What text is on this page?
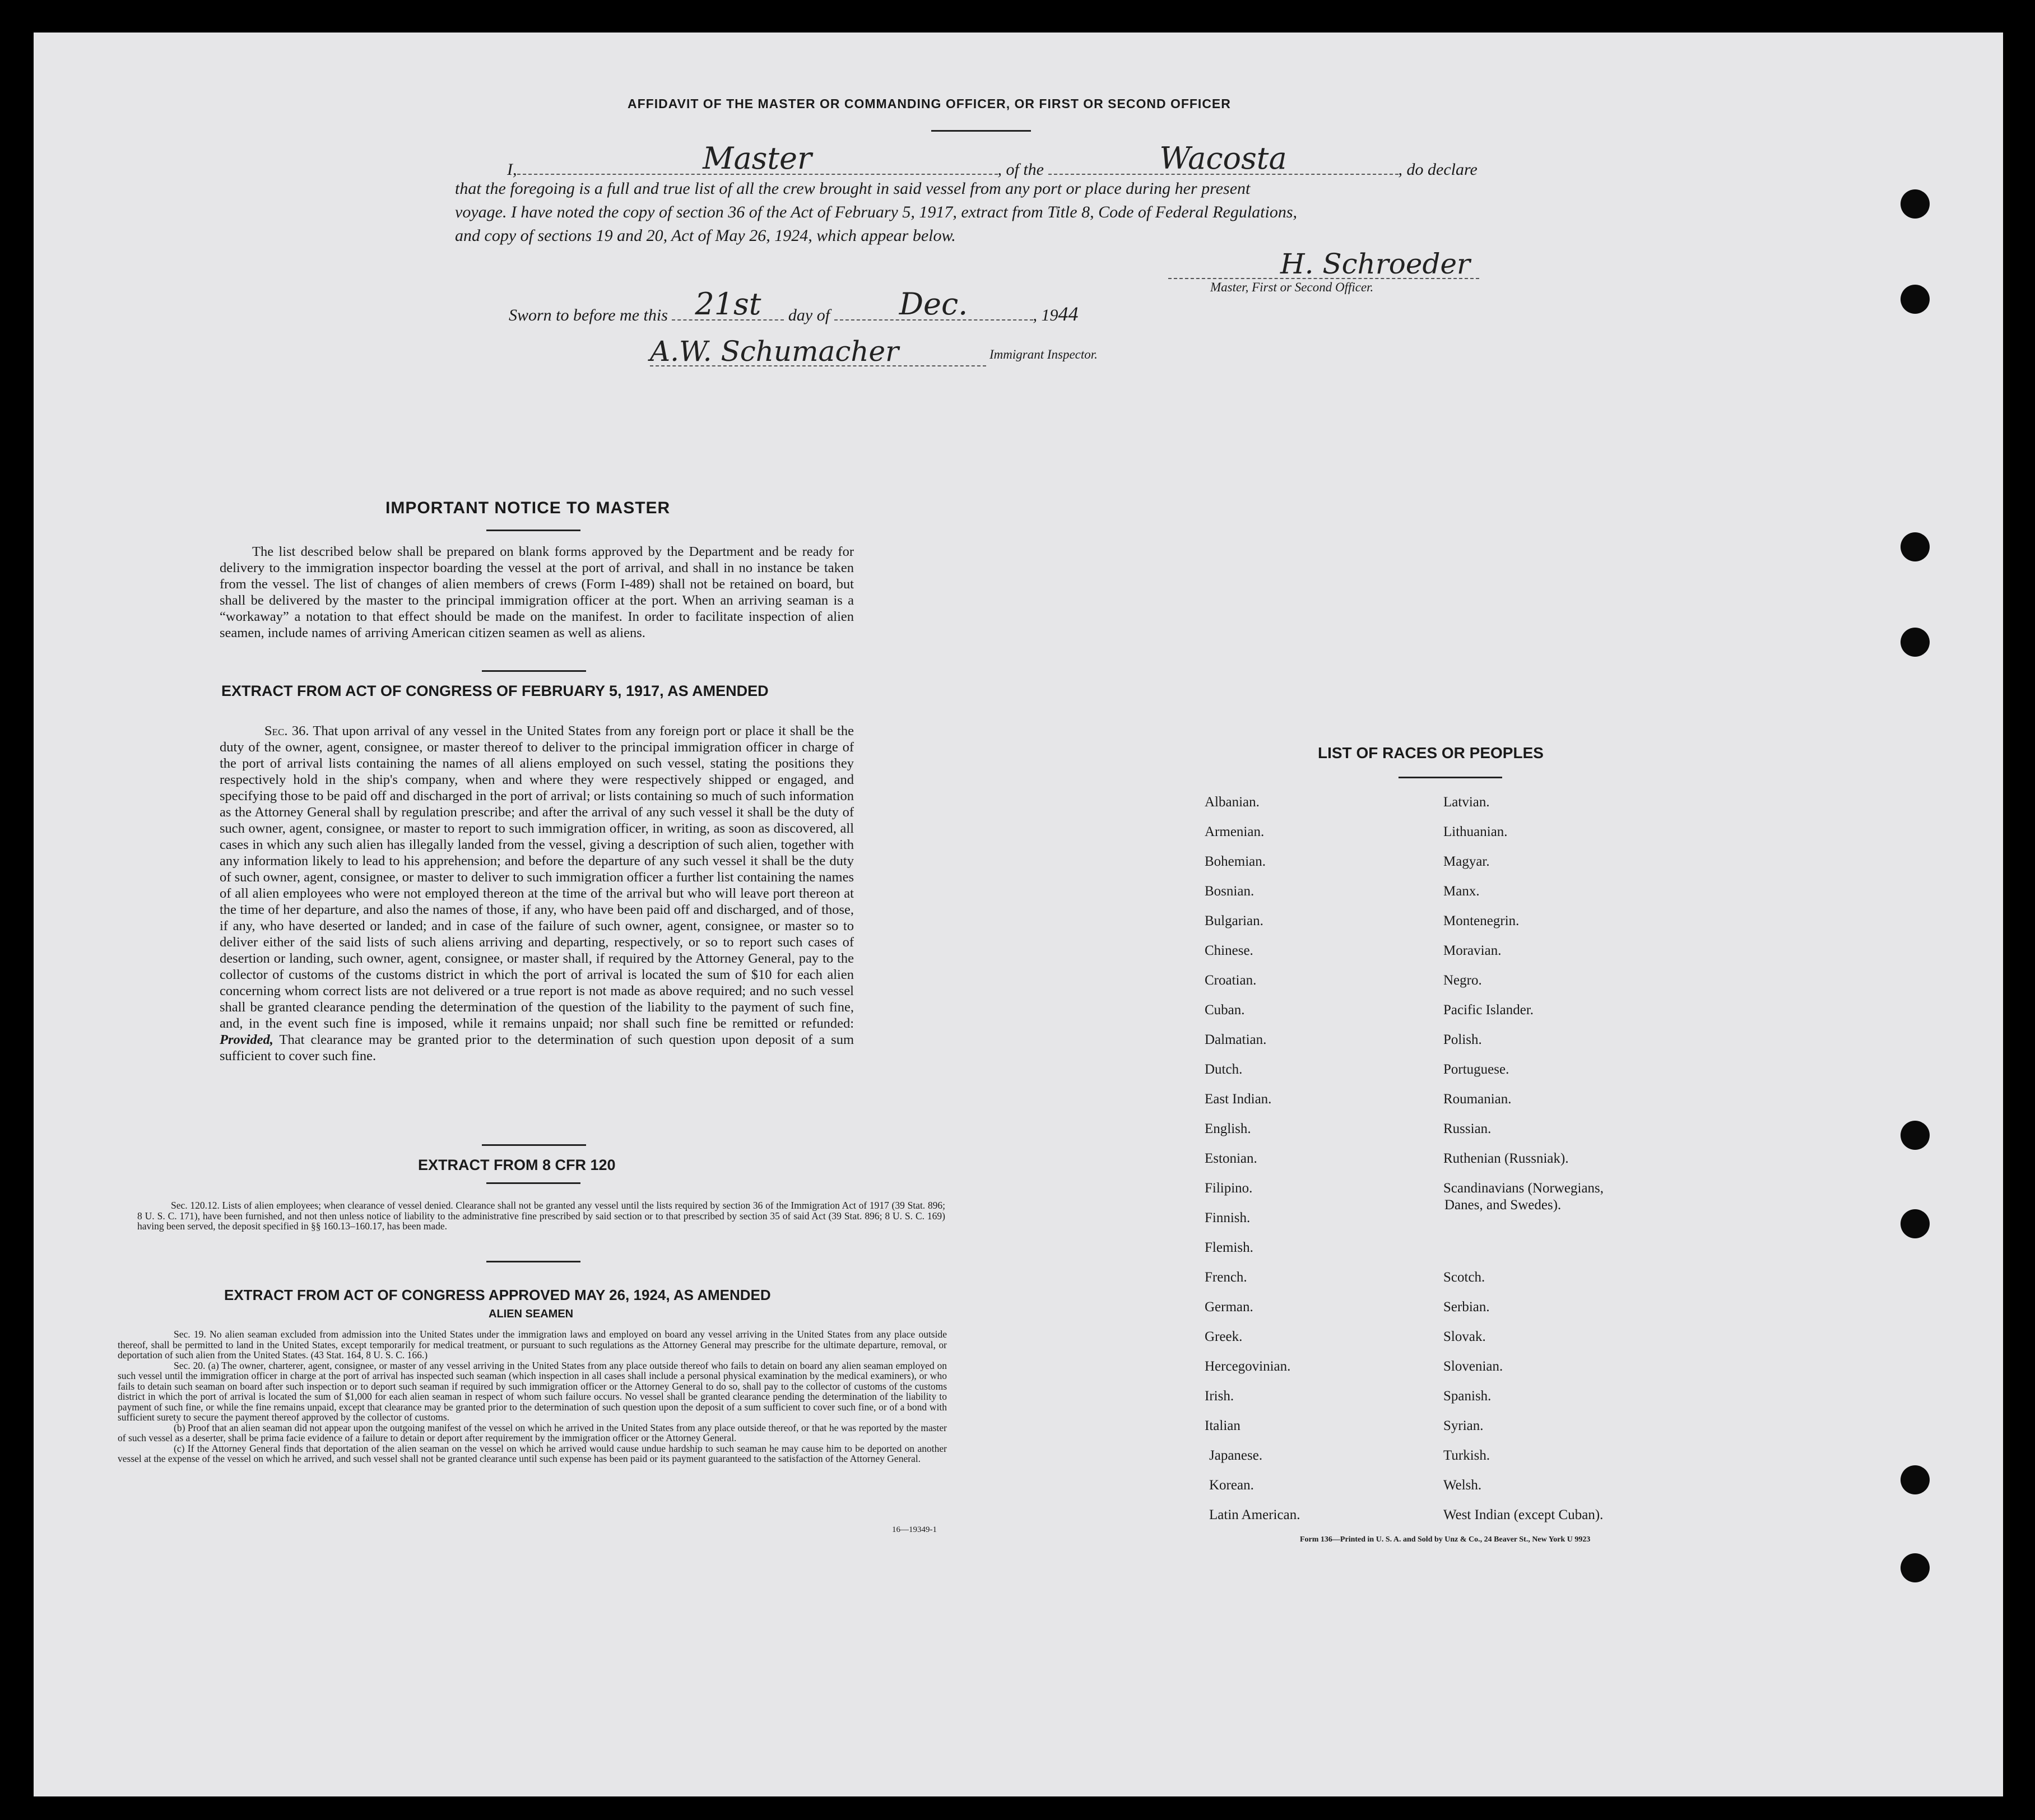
AFFIDAVIT OF THE MASTER OR COMMANDING OFFICER, OR FIRST OR SECOND OFFICER
I,	Master	, of the	Wacosta	, do declare
that the foregoing is a full and true list of all the crew brought in said vessel from any port or place during her present
voyage. I have noted the copy of section 36 of the Act of February 5, 1917, extract from Title 8, Code of Federal Regulations,
and copy of sections 19 and 20, Act of May 26, 1924, which appear below.
H. Schroeder
Master, First or Second Officer.
Sworn to before me this 21st	day of	Dec.	, 1944
A.W. Schumacher	Immigrant Inspector.
IMPORTANT NOTICE TO MASTER
The list described below shall be prepared on blank forms approved by the Department and be ready for delivery to the immigration inspector boarding the vessel at the port of arrival, and shall in no instance be taken from the vessel. The list of changes of alien members of crews (Form I-489) shall not be retained on board, but shall be delivered by the master to the principal immigration officer at the port. When an arriving seaman is a “workaway” a notation to that effect should be made on the manifest. In order to facilitate inspection of alien seamen, include names of arriving American citizen seamen as well as aliens.
EXTRACT FROM ACT OF CONGRESS OF FEBRUARY 5, 1917, AS AMENDED
Sec. 36. That upon arrival of any vessel in the United States from any foreign port or place it shall be the duty of the owner, agent, consignee, or master thereof to deliver to the principal immigration officer in charge of the port of arrival lists containing the names of all aliens employed on such vessel, stating the positions they respectively hold in the ship's company, when and where they were respectively shipped or engaged, and specifying those to be paid off and discharged in the port of arrival; or lists containing so much of such information as the Attorney General shall by regulation prescribe; and after the arrival of any such vessel it shall be the duty of such owner, agent, consignee, or master to report to such immigration officer, in writing, as soon as discovered, all cases in which any such alien has illegally landed from the vessel, giving a description of such alien, together with any information likely to lead to his apprehension; and before the departure of any such vessel it shall be the duty of such owner, agent, consignee, or master to deliver to such immigration officer a further list containing the names of all alien employees who were not employed thereon at the time of the arrival but who will leave port thereon at the time of her departure, and also the names of those, if any, who have been paid off and discharged, and of those, if any, who have deserted or landed; and in case of the failure of such owner, agent, consignee, or master so to deliver either of the said lists of such aliens arriving and departing, respectively, or so to report such cases of desertion or landing, such owner, agent, consignee, or master shall, if required by the Attorney General, pay to the collector of customs of the customs district in which the port of arrival is located the sum of $10 for each alien concerning whom correct lists are not delivered or a true report is not made as above required; and no such vessel shall be granted clearance pending the determination of the question of the liability to the payment of such fine, and, in the event such fine is imposed, while it remains unpaid; nor shall such fine be remitted or refunded: Provided, That clearance may be granted prior to the determination of such question upon deposit of a sum sufficient to cover such fine.
EXTRACT FROM 8 CFR 120
Sec. 120.12. Lists of alien employees; when clearance of vessel denied. Clearance shall not be granted any vessel until the lists required by section 36 of the Immigration Act of 1917 (39 Stat. 896; 8 U. S. C. 171), have been furnished, and not then unless notice of liability to the administrative fine prescribed by said section or to that prescribed by section 35 of said Act (39 Stat. 896; 8 U. S. C. 169) having been served, the deposit specified in §§ 160.13–160.17, has been made.
EXTRACT FROM ACT OF CONGRESS APPROVED MAY 26, 1924, AS AMENDED
ALIEN SEAMEN
Sec. 19. No alien seaman excluded from admission into the United States under the immigration laws and employed on board any vessel arriving in the United States from any place outside thereof, shall be permitted to land in the United States, except temporarily for medical treatment, or pursuant to such regulations as the Attorney General may prescribe for the ultimate departure, removal, or deportation of such alien from the United States. (43 Stat. 164, 8 U. S. C. 166.)
Sec. 20. (a) The owner, charterer, agent, consignee, or master of any vessel arriving in the United States from any place outside thereof who fails to detain on board any alien seaman employed on such vessel until the immigration officer in charge at the port of arrival has inspected such seaman (which inspection in all cases shall include a personal physical examination by the medical examiners), or who fails to detain such seaman on board after such inspection or to deport such seaman if required by such immigration officer or the Attorney General to do so, shall pay to the collector of customs of the customs district in which the port of arrival is located the sum of $1,000 for each alien seaman in respect of whom such failure occurs. No vessel shall be granted clearance pending the determination of the liability to payment of such fine, or while the fine remains unpaid, except that clearance may be granted prior to the determination of such question upon the deposit of a sum sufficient to cover such fine, or of a bond with sufficient surety to secure the payment thereof approved by the collector of customs.
(b) Proof that an alien seaman did not appear upon the outgoing manifest of the vessel on which he arrived in the United States from any place outside thereof, or that he was reported by the master of such vessel as a deserter, shall be prima facie evidence of a failure to detain or deport after requirement by the immigration officer or the Attorney General.
(c) If the Attorney General finds that deportation of the alien seaman on the vessel on which he arrived would cause undue hardship to such seaman he may cause him to be deported on another vessel at the expense of the vessel on which he arrived, and such vessel shall not be granted clearance until such expense has been paid or its payment guaranteed to the satisfaction of the Attorney General.
16—19349-1
LIST OF RACES OR PEOPLES
Albanian.
Armenian.
Bohemian.
Bosnian.
Bulgarian.
Chinese.
Croatian.
Cuban.
Dalmatian.
Dutch.
East Indian.
English.
Estonian.
Filipino.
Finnish.
Flemish.
French.
German.
Greek.
Hercegovinian.
Irish.
Italian
Japanese.
Korean.
Latin American.
Latvian.
Lithuanian.
Magyar.
Manx.
Montenegrin.
Moravian.
Negro.
Pacific Islander.
Polish.
Portuguese.
Roumanian.
Russian.
Ruthenian (Russniak).
Scandinavians (Norwegians,
Danes, and Swedes).
Scotch.
Serbian.
Slovak.
Slovenian.
Spanish.
Syrian.
Turkish.
Welsh.
West Indian (except Cuban).
Form 136—Printed in U. S. A. and Sold by Unz & Co., 24 Beaver St., New York U 9923
